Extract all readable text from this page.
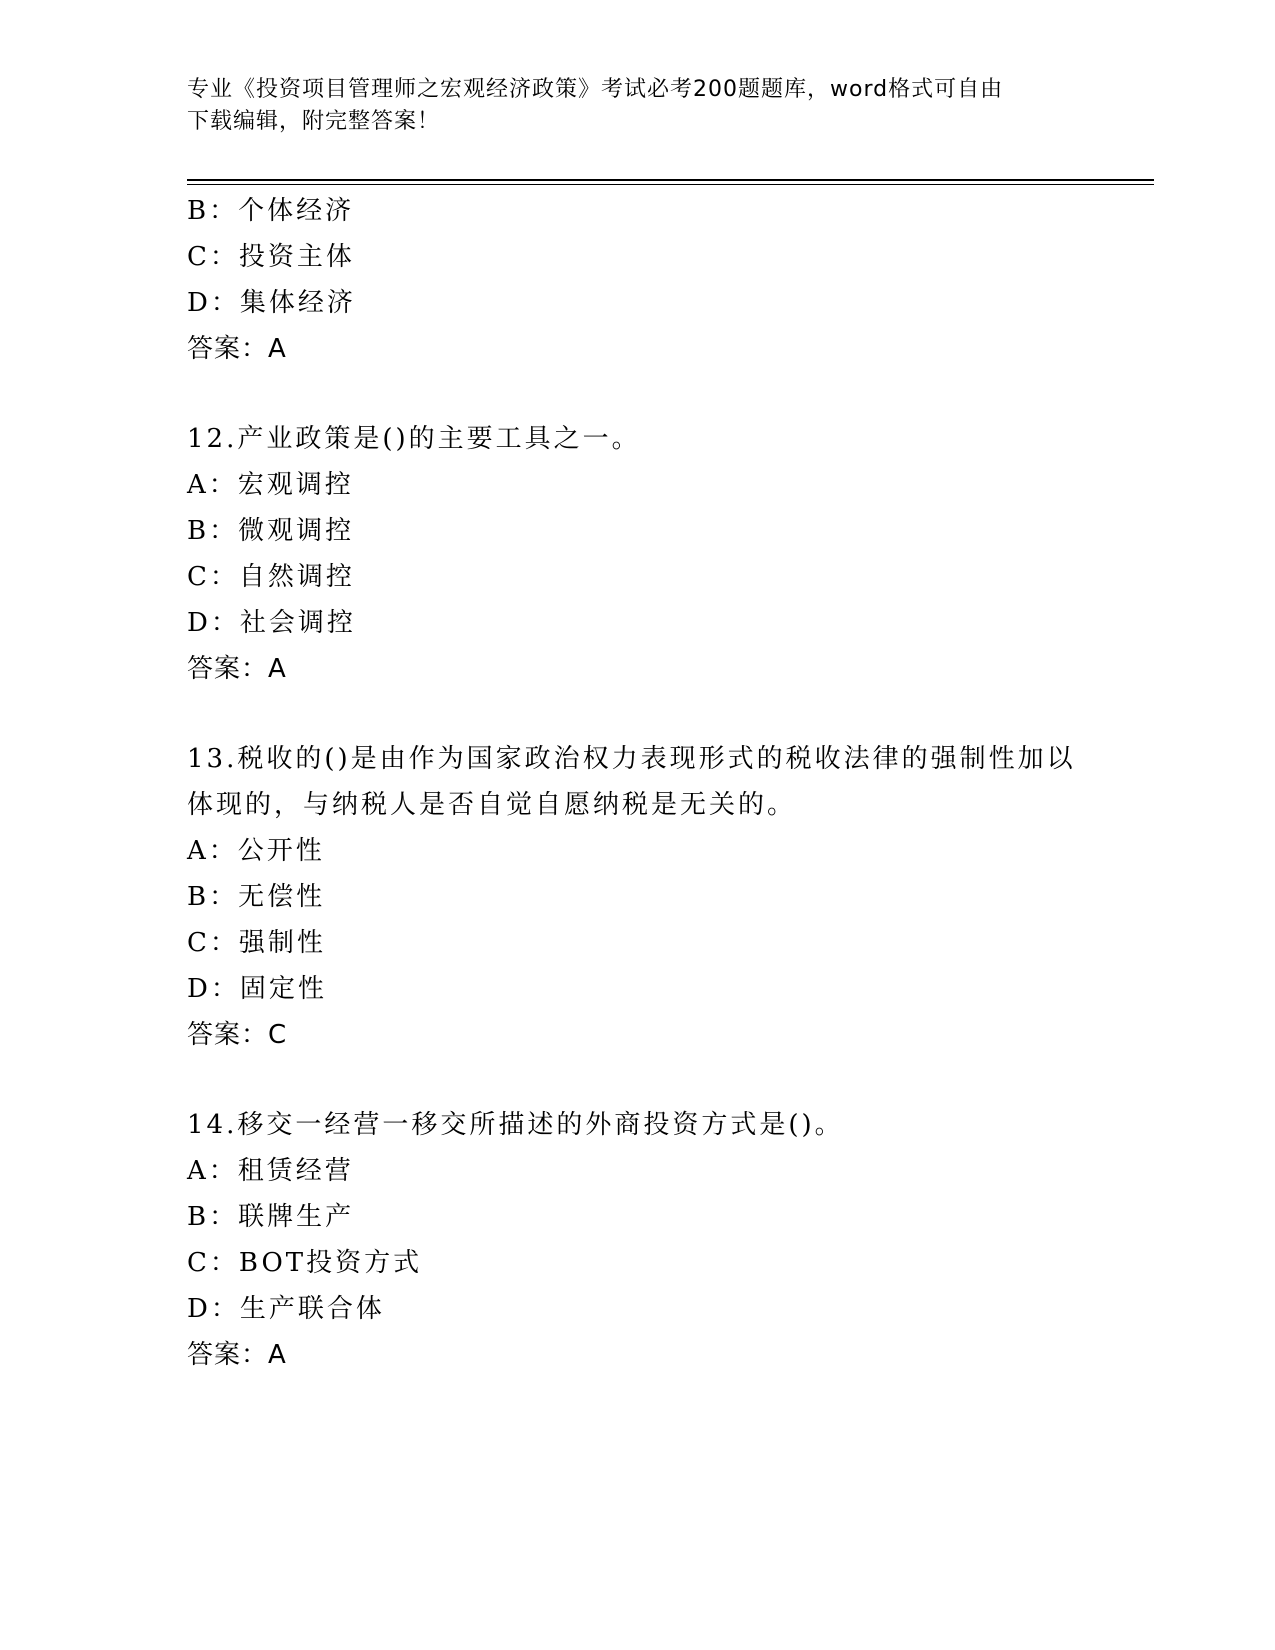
专业《投资项目管理师之宏观经济政策》考试必考200题题库，word格式可自由
下载编辑，附完整答案！
B：个体经济
C：投资主体
D：集体经济
答案：A
12.产业政策是()的主要工具之一。
A：宏观调控
B：微观调控
C：自然调控
D：社会调控
答案：A
13.税收的()是由作为国家政治权力表现形式的税收法律的强制性加以体现的，与纳税人是否自觉自愿纳税是无关的。
A：公开性
B：无偿性
C：强制性
D：固定性
答案：C
14.移交一经营一移交所描述的外商投资方式是()。
A：租赁经营
B：联牌生产
C：BOT投资方式
D：生产联合体
答案：A
